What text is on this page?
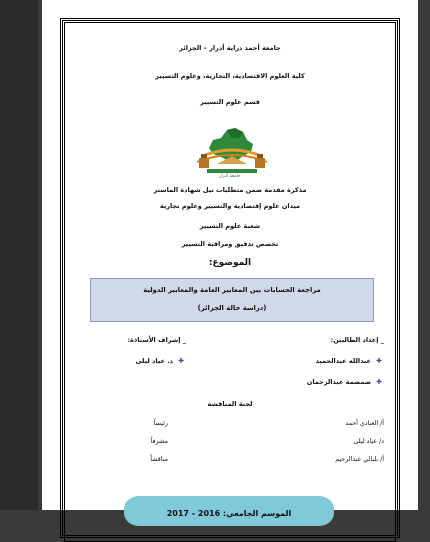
جامعة أحمد دراية أدرار – الجزائر
كلية العلوم الاقتصادية، التجارية، وعلوم التسيير
قسم علوم التسيير
جامعة أدرار
مذكرة مقدمة ضمن متطلبات نيل شهادة الماستر
ميدان علوم إقتصادية والتسيير وعلوم تجارية
شعبة علوم التسيير
تخصص تدقيق ومراقبة التسيير
الموضوع:
مراجعة الحسابات بين المعايير العامة والمعايير الدولية
(دراسة حالة الجزائر)
_ إعداد الطالبين:
✚عبدالله عبدالحميد
✚ضمضمة عبدالرحمان
_ إشراف الأستاذة:
✚د. عياد ليلى
لجنة المناقشة
أ/ العبادي أحمد
رئيساً
د/ عياد ليلى
مشرفاً
أ/ بلبالي عبدالرحيم
مناقشاً
$_{الموسم الجامعي: 2016 - 2017}$
